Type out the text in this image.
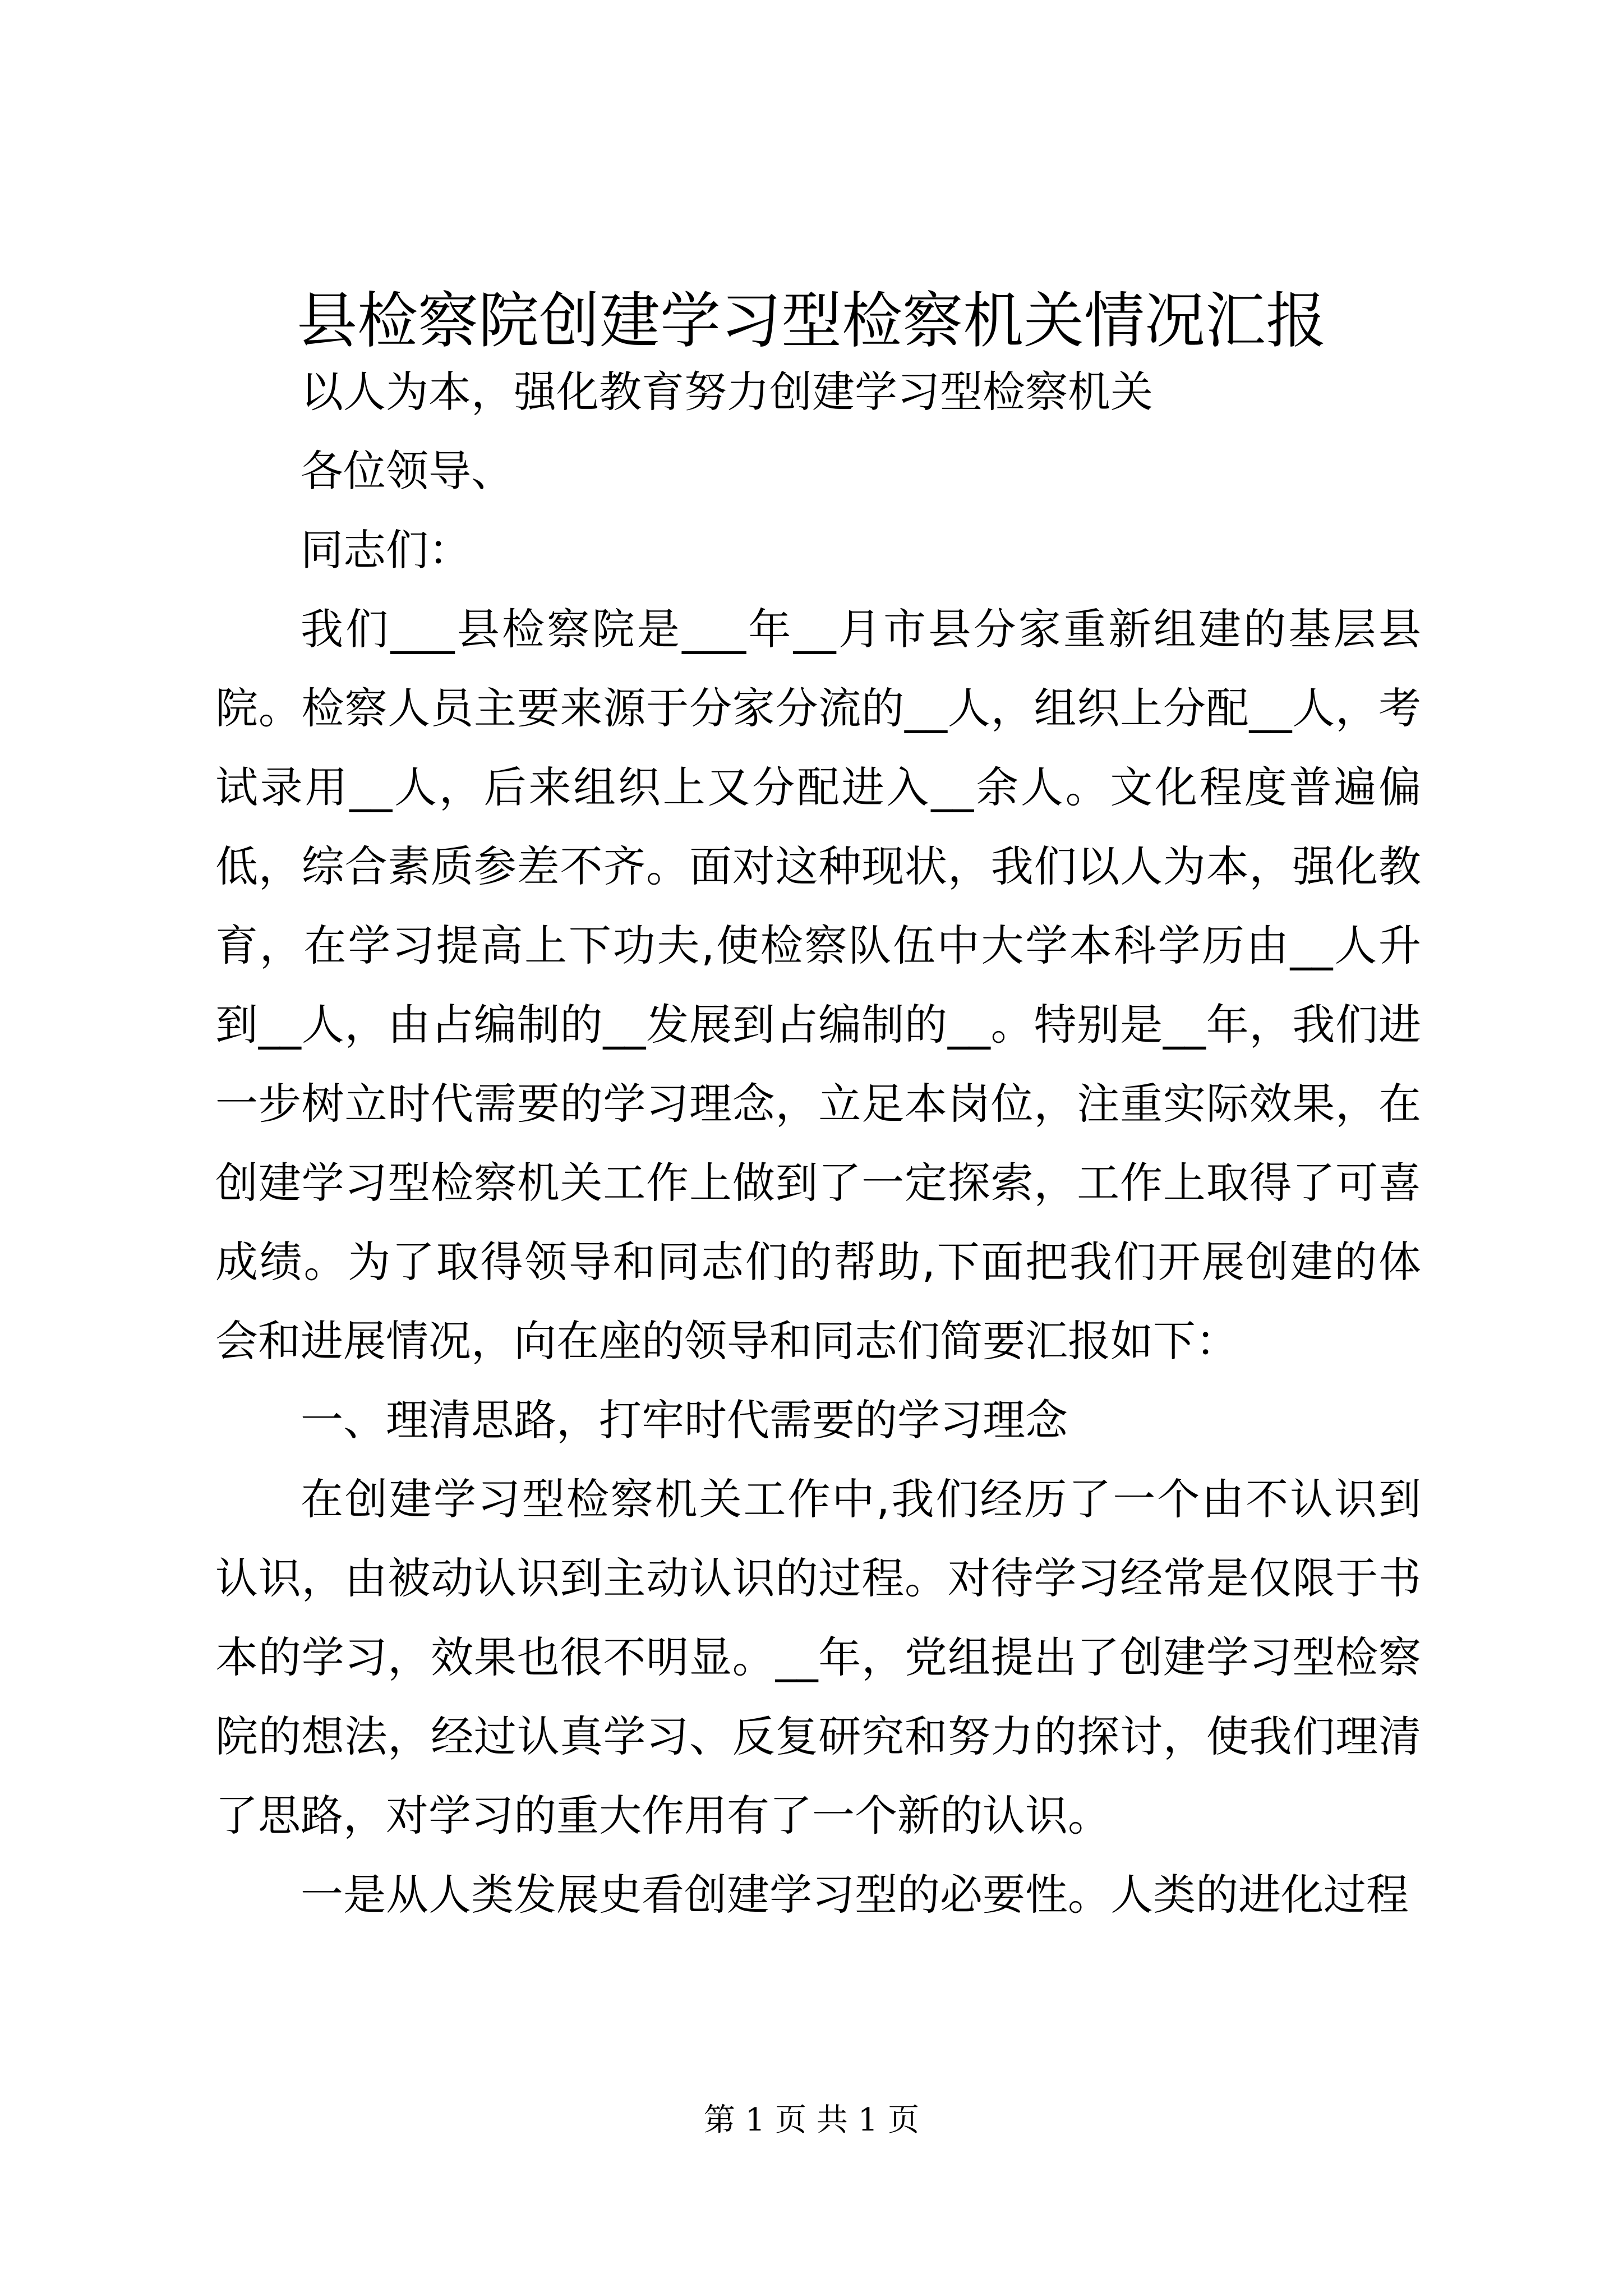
县检察院创建学习型检察机关情况汇报

以人为本，强化教育努力创建学习型检察机关

各位领导、

同志们：

我们___县检察院是___年__月市县分家重新组建的基层县院。检察人员主要来源于分家分流的__人，组织上分配__人，考试录用__人，后来组织上又分配进入__余人。文化程度普遍偏低，综合素质参差不齐。面对这种现状，我们以人为本，强化教育，在学习提高上下功夫,使检察队伍中大学本科学历由__人升到__人，由占编制的__发展到占编制的__。特别是__年，我们进一步树立时代需要的学习理念，立足本岗位，注重实际效果，在创建学习型检察机关工作上做到了一定探索，工作上取得了可喜成绩。为了取得领导和同志们的帮助,下面把我们开展创建的体会和进展情况，向在座的领导和同志们简要汇报如下：

一、理清思路，打牢时代需要的学习理念

在创建学习型检察机关工作中,我们经历了一个由不认识到认识，由被动认识到主动认识的过程。对待学习经常是仅限于书本的学习，效果也很不明显。__年，党组提出了创建学习型检察院的想法，经过认真学习、反复研究和努力的探讨，使我们理清了思路，对学习的重大作用有了一个新的认识。

一是从人类发展史看创建学习型的必要性。人类的进化过程

第 1 页 共 1 页
